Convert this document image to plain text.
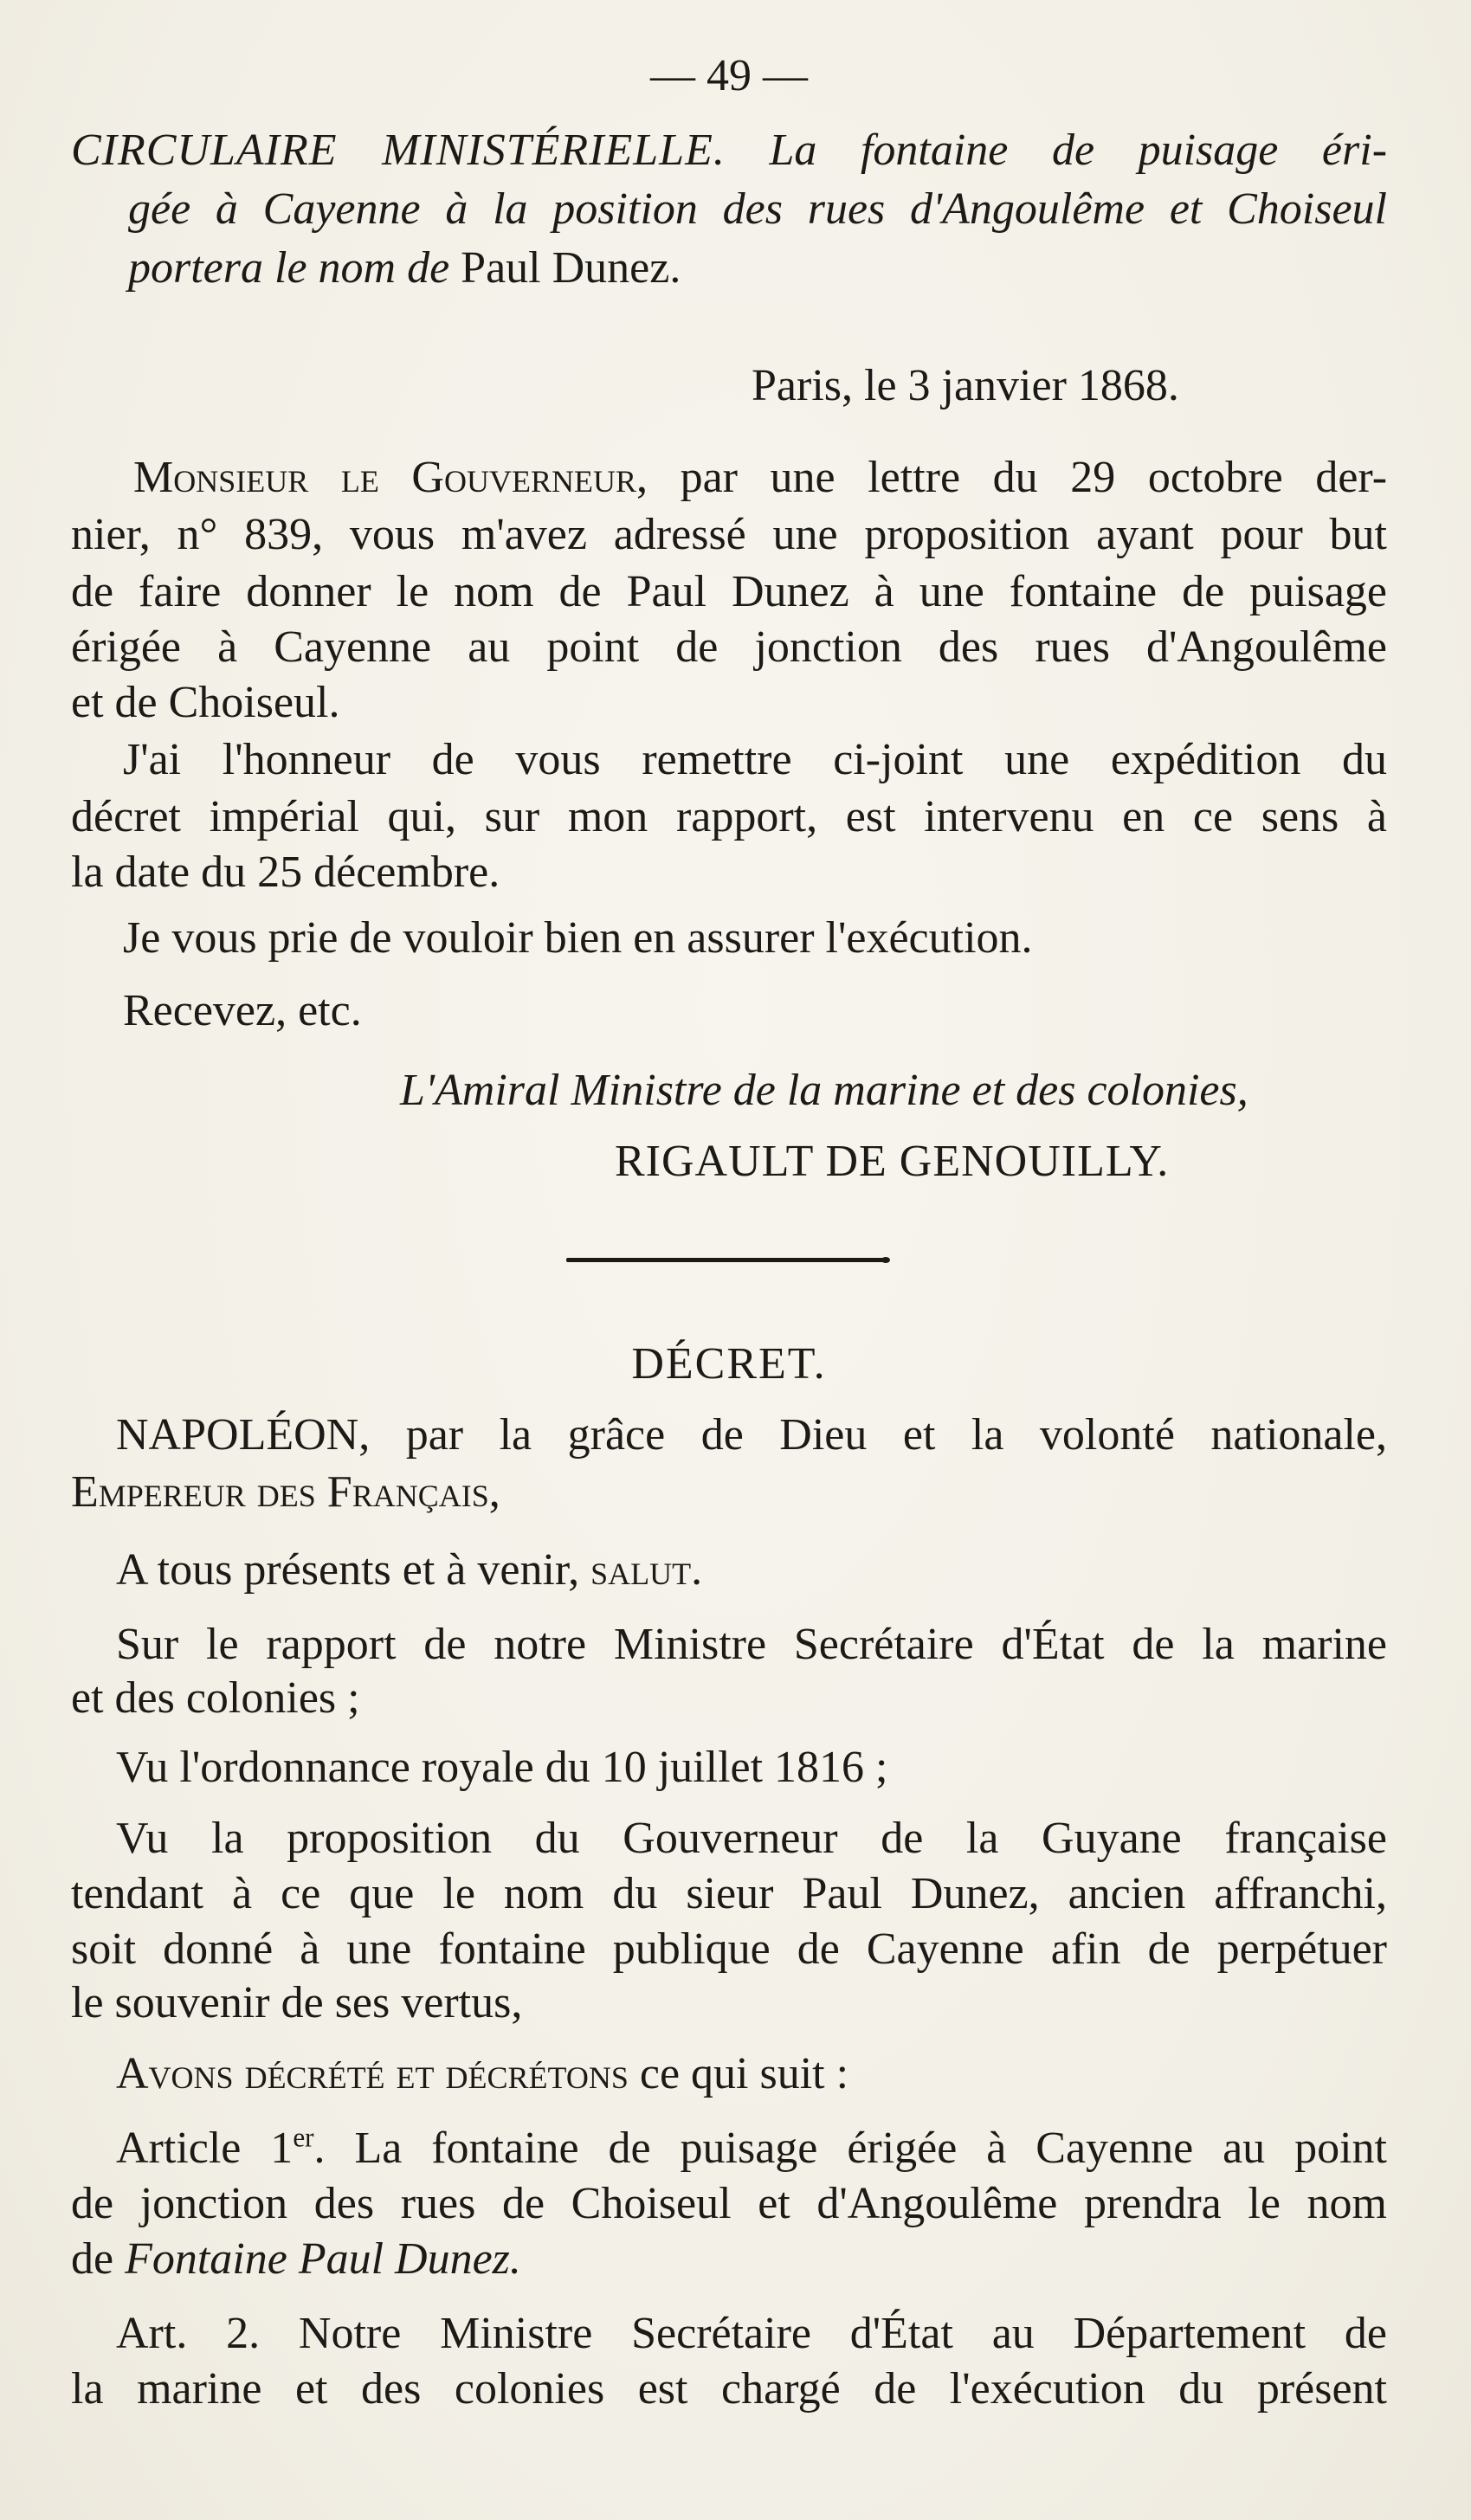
— 49 —
CIRCULAIRE MINISTÉRIELLE. La fontaine de puisage éri-
gée à Cayenne à la position des rues d'Angoulême et Choiseul
portera le nom de Paul Dunez.
Paris, le 3 janvier 1868.
Monsieur le Gouverneur, par une lettre du 29 octobre der-
nier, n° 839, vous m'avez adressé une proposition ayant pour but
de faire donner le nom de Paul Dunez à une fontaine de puisage
érigée à Cayenne au point de jonction des rues d'Angoulême
et de Choiseul.
J'ai l'honneur de vous remettre ci-joint une expédition du
décret impérial qui, sur mon rapport, est intervenu en ce sens à
la date du 25 décembre.
Je vous prie de vouloir bien en assurer l'exécution.
Recevez, etc.
L'Amiral Ministre de la marine et des colonies,
RIGAULT DE GENOUILLY.
DÉCRET.
NAPOLÉON, par la grâce de Dieu et la volonté nationale,
Empereur des Français,
A tous présents et à venir, salut.
Sur le rapport de notre Ministre Secrétaire d'État de la marine
et des colonies ;
Vu l'ordonnance royale du 10 juillet 1816 ;
Vu la proposition du Gouverneur de la Guyane française
tendant à ce que le nom du sieur Paul Dunez, ancien affranchi,
soit donné à une fontaine publique de Cayenne afin de perpétuer
le souvenir de ses vertus,
Avons décrété et décrétons ce qui suit :
Article 1er. La fontaine de puisage érigée à Cayenne au point
de jonction des rues de Choiseul et d'Angoulême prendra le nom
de Fontaine Paul Dunez.
Art. 2. Notre Ministre Secrétaire d'État au Département de
la marine et des colonies est chargé de l'exécution du présent
